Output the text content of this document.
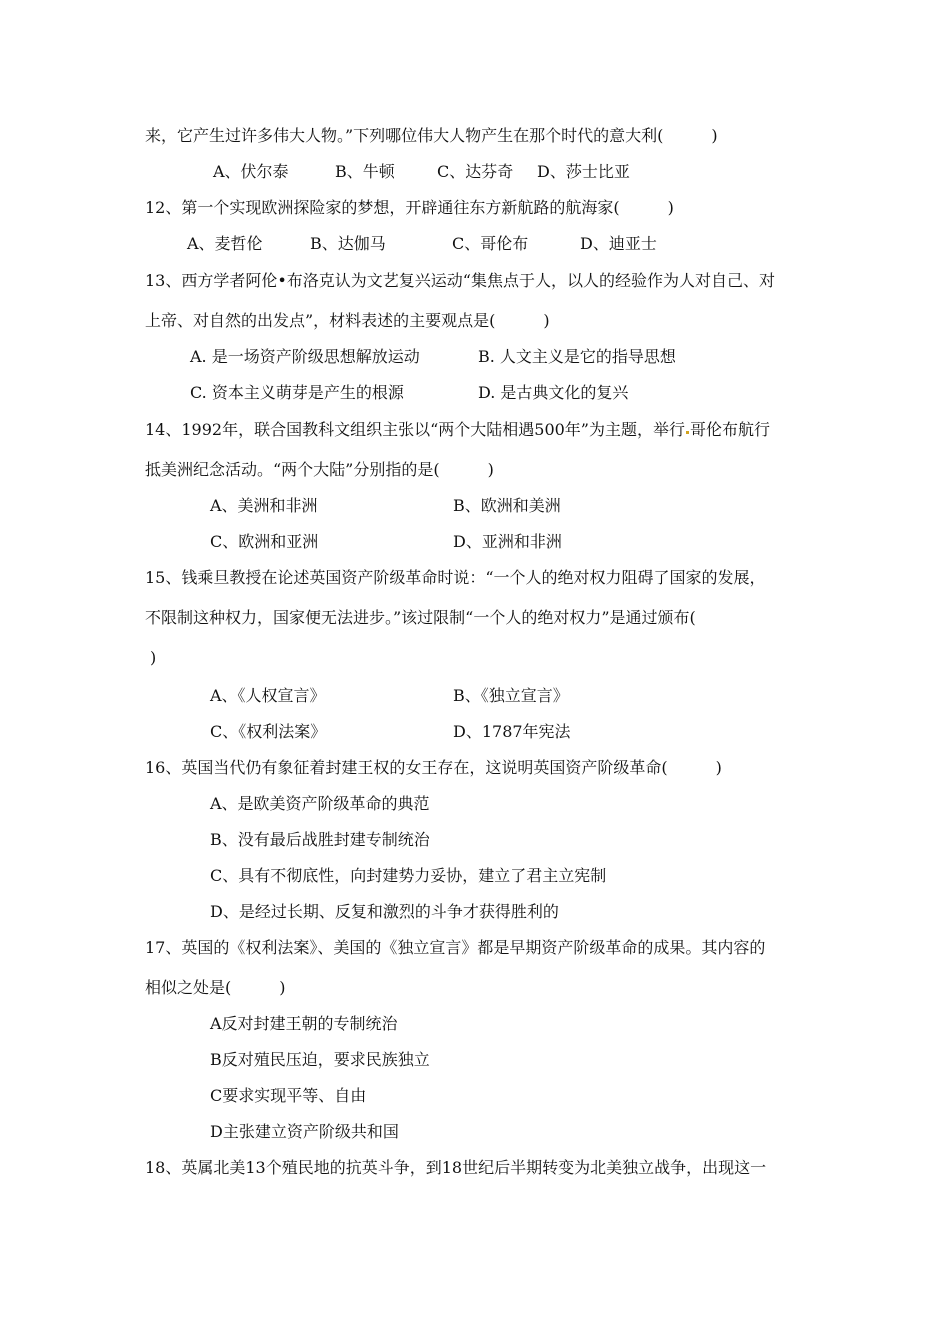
来，它产生过许多伟大人物。”下列哪位伟大人物产生在那个时代的意大利(　　　)
A、伏尔泰	B、牛顿	C、达芬奇 D、莎士比亚
12、第一个实现欧洲探险家的梦想，开辟通往东方新航路的航海家(　　　)
A、麦哲伦	B、达伽马	C、哥伦布	D、迪亚士
13、西方学者阿伦•布洛克认为文艺复兴运动“集焦点于人，以人的经验作为人对自己、对
上帝、对自然的出发点”，材料表述的主要观点是(　　　)
A. 是一场资产阶级思想解放运动	B. 人文主义是它的指导思想
C. 资本主义萌芽是产生的根源	D. 是古典文化的复兴
14、1992年，联合国教科文组织主张以“两个大陆相遇500年”为主题，举行 哥伦布航行
抵美洲纪念活动。“两个大陆”分别指的是(　　　)
A、美洲和非洲	B、欧洲和美洲
C、欧洲和亚洲	D、亚洲和非洲
15、钱乘旦教授在论述英国资产阶级革命时说：“一个人的绝对权力阻碍了国家的发展，
不限制这种权力，国家便无法进步。”该过限制“一个人的绝对权力”是通过颁布(
)
A、《人权宣言》	B、《独立宣言》
C、《权利法案》	D、1787年宪法
16、英国当代仍有象征着封建王权的女王存在，这说明英国资产阶级革命(　　　)
A、是欧美资产阶级革命的典范
B、没有最后战胜封建专制统治
C、具有不彻底性，向封建势力妥协，建立了君主立宪制
D、是经过长期、反复和激烈的斗争才获得胜利的
17、英国的《权利法案》、美国的《独立宣言》都是早期资产阶级革命的成果。其内容的
相似之处是(　　　)
A反对封建王朝的专制统治
B反对殖民压迫，要求民族独立
C要求实现平等、自由
D主张建立资产阶级共和国
18、英属北美13个殖民地的抗英斗争，到18世纪后半期转变为北美独立战争，出现这一
